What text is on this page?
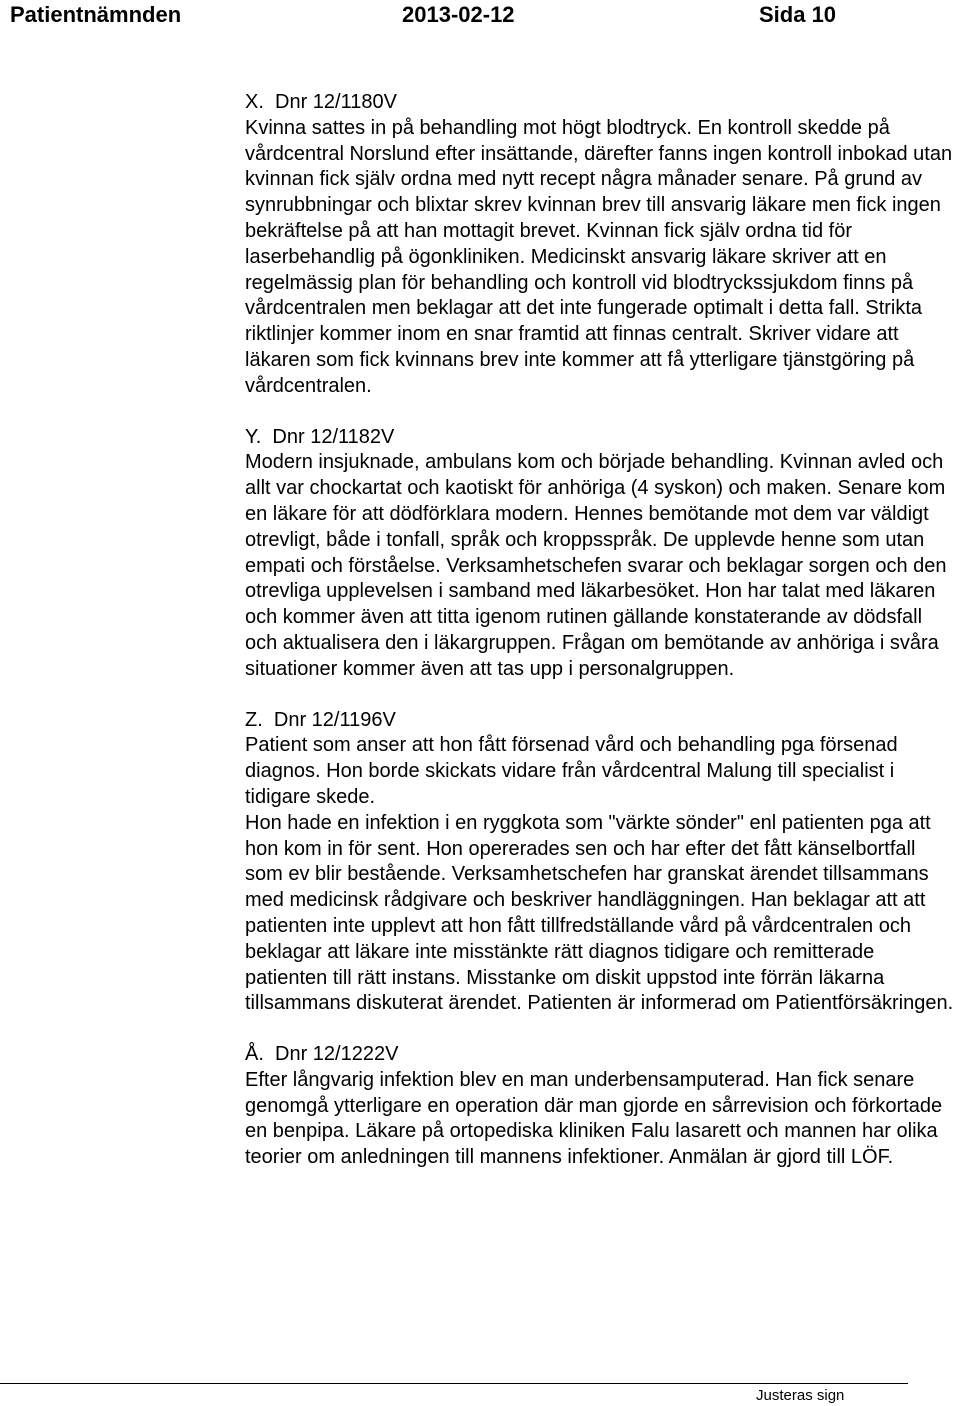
Patientnämnden	2013-02-12	Sida 10
X.  Dnr 12/1180V

Kvinna sattes in på behandling mot högt blodtryck. En kontroll skedde på vårdcentral Norslund efter insättande, därefter fanns ingen kontroll inbokad utan kvinnan fick själv ordna med nytt recept några månader senare. På grund av synrubbningar och blixtar skrev kvinnan brev till ansvarig läkare men fick ingen bekräftelse på att han mottagit brevet. Kvinnan fick själv ordna tid för laserbehandlig på ögonkliniken. Medicinskt ansvarig läkare skriver att en regelmässig plan för behandling och kontroll vid blodtryckssjukdom finns på vårdcentralen men beklagar att det inte fungerade optimalt i detta fall. Strikta riktlinjer kommer inom en snar framtid att finnas centralt. Skriver vidare att läkaren som fick kvinnans brev inte kommer att få ytterligare tjänstgöring på vårdcentralen.

Y.  Dnr 12/1182V

Modern insjuknade, ambulans kom och började behandling. Kvinnan avled och allt var chockartat och kaotiskt för anhöriga (4 syskon) och maken. Senare kom en läkare för att dödförklara modern. Hennes bemötande mot dem var väldigt otrevligt, både i tonfall, språk och kroppsspråk. De upplevde henne som utan empati och förståelse. Verksamhetschefen svarar och beklagar sorgen och den otrevliga upplevelsen i samband med läkarbesöket. Hon har talat med läkaren och kommer även att titta igenom rutinen gällande konstaterande av dödsfall och aktualisera den i läkargruppen. Frågan om bemötande av anhöriga i svåra situationer kommer även att tas upp i personalgruppen.

Z.  Dnr 12/1196V

Patient som anser att hon fått försenad vård och behandling pga försenad diagnos. Hon borde skickats vidare från vårdcentral Malung till specialist i tidigare skede.

Hon hade en infektion i en ryggkota som "värkte sönder" enl patienten pga att hon kom in för sent. Hon opererades sen och har efter det fått känselbortfall som ev blir bestående. Verksamhetschefen har granskat ärendet tillsammans med medicinsk rådgivare och beskriver handläggningen. Han beklagar att att patienten inte upplevt att hon fått tillfredställande vård på vårdcentralen och beklagar att läkare inte misstänkte rätt diagnos tidigare och remitterade patienten till rätt instans. Misstanke om diskit uppstod inte förrän läkarna tillsammans diskuterat ärendet. Patienten är informerad om Patientförsäkringen.

Å.  Dnr 12/1222V

Efter långvarig infektion blev en man underbensamputerad. Han fick senare genomgå ytterligare en operation där man gjorde en sårrevision och förkortade en benpipa. Läkare på ortopediska kliniken Falu lasarett och mannen har olika teorier om anledningen till mannens infektioner. Anmälan är gjord till LÖF.

Justeras sign
